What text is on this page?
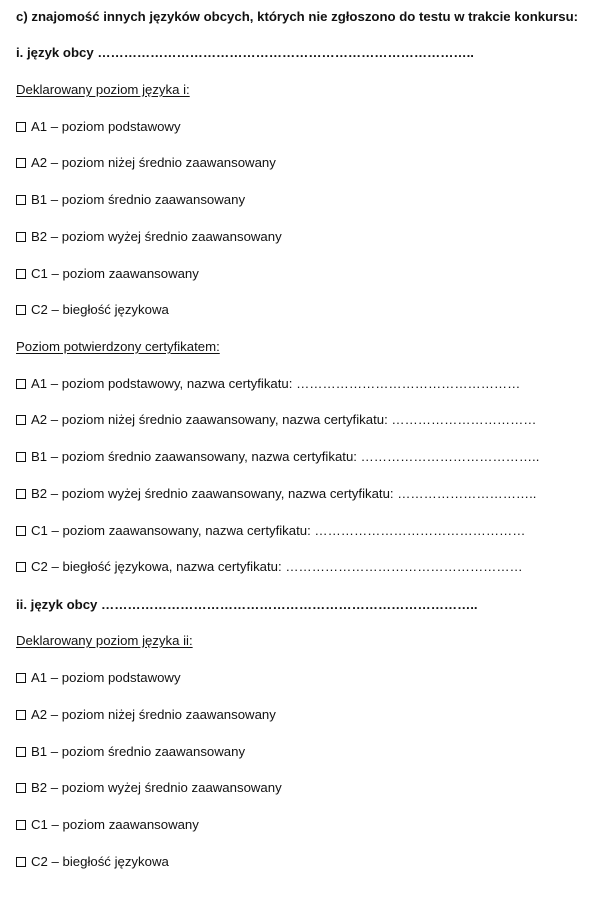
c) znajomość innych języków obcych, których nie zgłoszono do testu w trakcie konkursu:
i. język obcy …………………………………………………………………………..
Deklarowany poziom języka i:
A1 – poziom podstawowy
A2 – poziom niżej średnio zaawansowany
B1 – poziom średnio zaawansowany
B2 – poziom wyżej średnio zaawansowany
C1 – poziom zaawansowany
C2 – biegłość językowa
Poziom potwierdzony certyfikatem:
A1 – poziom podstawowy, nazwa certyfikatu: ……………………………………………
A2 – poziom niżej średnio zaawansowany, nazwa certyfikatu: ……………………………
B1 – poziom średnio zaawansowany, nazwa certyfikatu: …………………………………..
B2 – poziom wyżej średnio zaawansowany, nazwa certyfikatu: …………………………..
C1 – poziom zaawansowany, nazwa certyfikatu: …………………………………………
C2 – biegłość językowa, nazwa certyfikatu: ………………………………………………
ii. język obcy …………………………………………………………………………..
Deklarowany poziom języka ii:
A1 – poziom podstawowy
A2 – poziom niżej średnio zaawansowany
B1 – poziom średnio zaawansowany
B2 – poziom wyżej średnio zaawansowany
C1 – poziom zaawansowany
C2 – biegłość językowa
